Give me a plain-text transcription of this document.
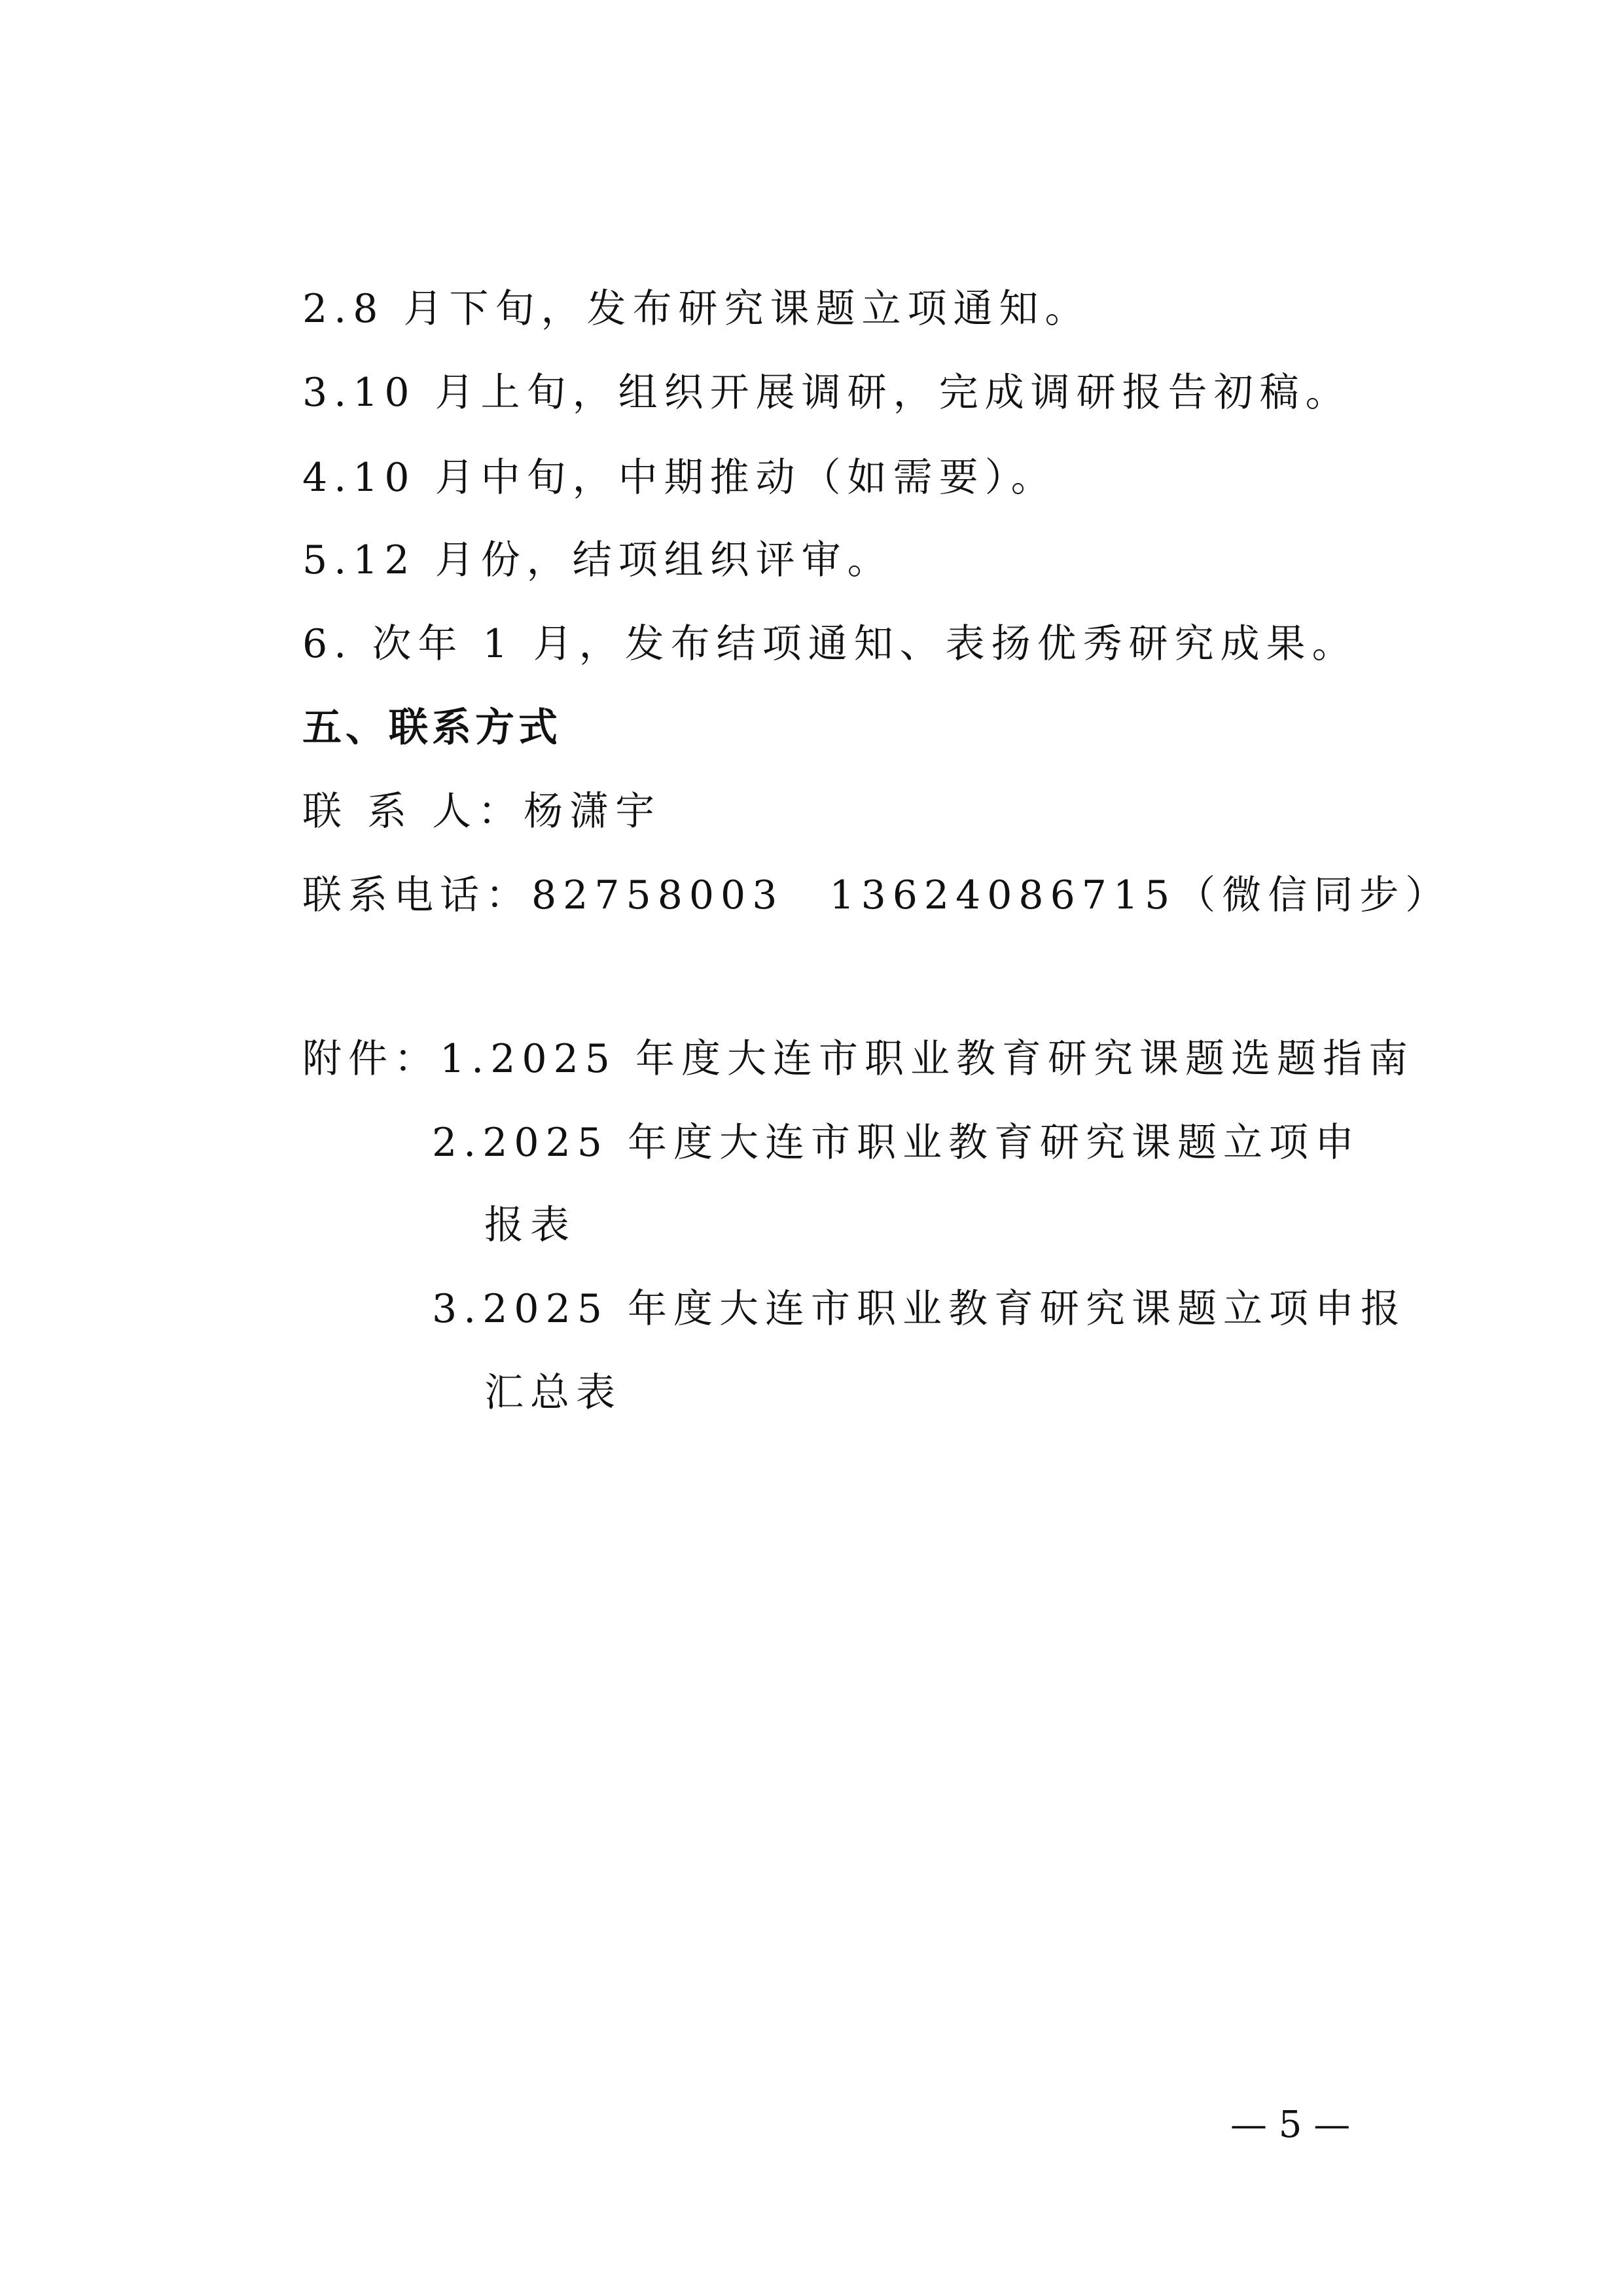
2.8 月下旬，发布研究课题立项通知。
3.10 月上旬，组织开展调研，完成调研报告初稿。
4.10 月中旬，中期推动（如需要）。
5.12 月份，结项组织评审。
6. 次年 1 月，发布结项通知、表扬优秀研究成果。
五、联系方式
联 系 人：杨潇宇
联系电话：82758003　13624086715（微信同步）
附件：1.2025 年度大连市职业教育研究课题选题指南
2.2025 年度大连市职业教育研究课题立项申
报表
3.2025 年度大连市职业教育研究课题立项申报
汇总表
— 5 —
